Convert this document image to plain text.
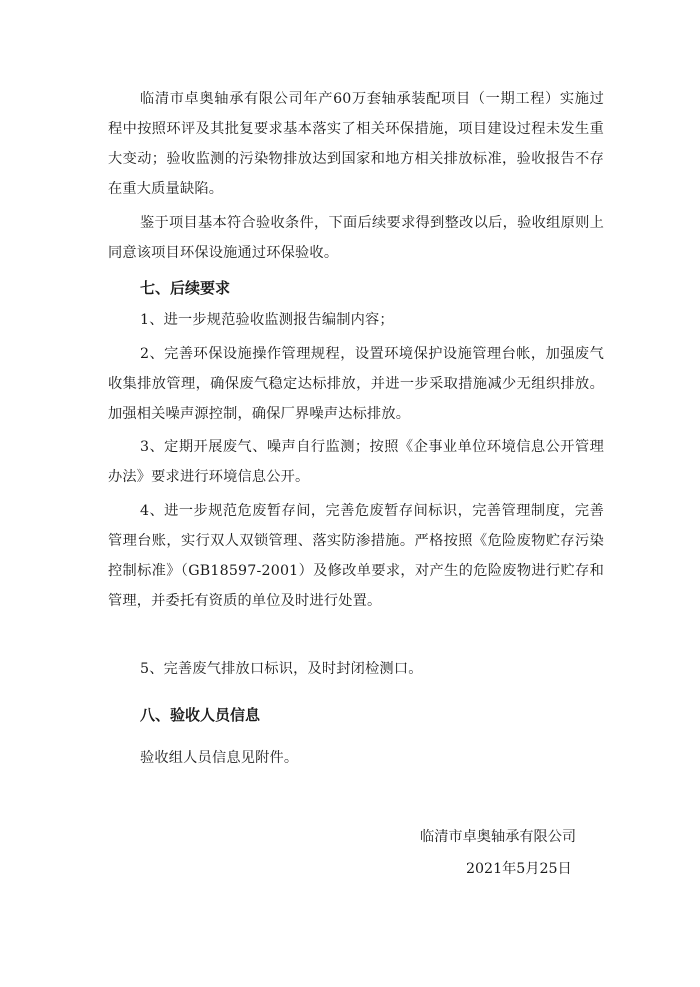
临清市卓奥轴承有限公司年产60万套轴承装配项目（一期工程）实施过程中按照环评及其批复要求基本落实了相关环保措施，项目建设过程未发生重大变动；验收监测的污染物排放达到国家和地方相关排放标准，验收报告不存在重大质量缺陷。

鉴于项目基本符合验收条件，下面后续要求得到整改以后，验收组原则上同意该项目环保设施通过环保验收。

七、后续要求

1、进一步规范验收监测报告编制内容；

2、完善环保设施操作管理规程，设置环境保护设施管理台帐，加强废气收集排放管理，确保废气稳定达标排放，并进一步采取措施减少无组织排放。加强相关噪声源控制，确保厂界噪声达标排放。

3、定期开展废气、噪声自行监测；按照《企事业单位环境信息公开管理办法》要求进行环境信息公开。

4、进一步规范危废暂存间，完善危废暂存间标识，完善管理制度，完善管理台账，实行双人双锁管理、落实防渗措施。严格按照《危险废物贮存污染控制标准》（GB18597-2001）及修改单要求，对产生的危险废物进行贮存和管理，并委托有资质的单位及时进行处置。

5、完善废气排放口标识，及时封闭检测口。

八、验收人员信息

验收组人员信息见附件。

临清市卓奥轴承有限公司

2021年5月25日
